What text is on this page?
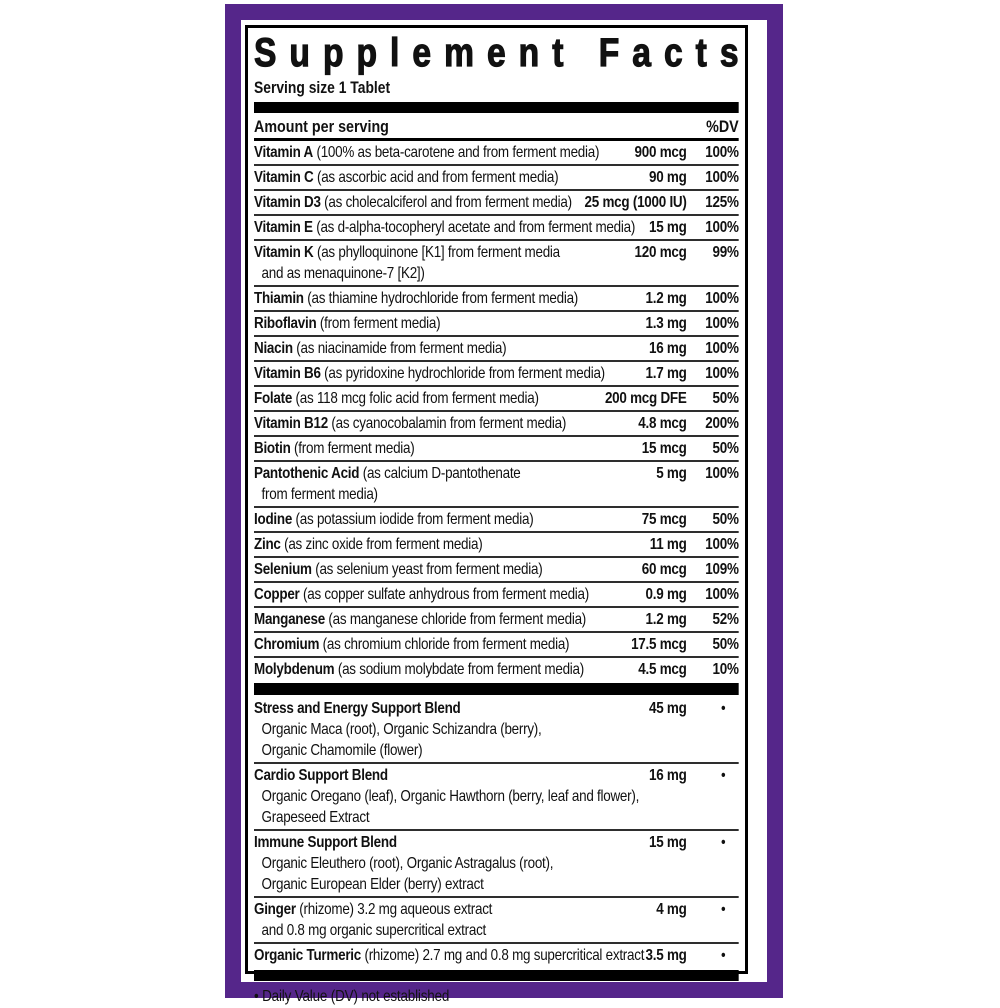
S u p p l e m e n t
F a c t s
Serving size 1 Tablet
Amount per serving	%DV
Vitamin A (100% as beta-carotene and from ferment media)	900 mcg	100%
Vitamin C (as ascorbic acid and from ferment media)	90 mg	100%
Vitamin D3 (as cholecalciferol and from ferment media) 25 mcg (1000 IU)	125%
Vitamin E (as d-alpha-tocopheryl acetate and from ferment media) 15 mg	100%
Vitamin K (as phylloquinone [K1] from ferment media
and as menaquinone-7 [K2])
120 mcg	99%
Thiamin (as thiamine hydrochloride from ferment media)	1.2 mg	100%
Riboflavin (from ferment media)	1.3 mg	100%
Niacin (as niacinamide from ferment media)	16 mg	100%
Vitamin B6 (as pyridoxine hydrochloride from ferment media)	1.7 mg	100%
Folate (as 118 mcg folic acid from ferment media)	200 mcg DFE	50%
Vitamin B12 (as cyanocobalamin from ferment media)	4.8 mcg	200%
Biotin (from ferment media)	15 mcg	50%
Pantothenic Acid (as calcium D-pantothenate
from ferment media)
5 mg	100%
Iodine (as potassium iodide from ferment media)	75 mcg	50%
Zinc (as zinc oxide from ferment media)	11 mg	100%
Selenium (as selenium yeast from ferment media)	60 mcg	109%
Copper (as copper sulfate anhydrous from ferment media)	0.9 mg	100%
Manganese (as manganese chloride from ferment media)	1.2 mg	52%
Chromium (as chromium chloride from ferment media)	17.5 mcg	50%
Molybdenum (as sodium molybdate from ferment media)	4.5 mcg	10%
Stress and Energy Support Blend
Organic Maca (root), Organic Schizandra (berry),
Organic Chamomile (flower)
45 mg	•
Cardio Support Blend
Organic Oregano (leaf), Organic Hawthorn (berry, leaf and flower),
Grapeseed Extract
16 mg	•
Immune Support Blend
Organic Eleuthero (root), Organic Astragalus (root),
Organic European Elder (berry) extract
15 mg	•
Ginger (rhizome) 3.2 mg aqueous extract
and 0.8 mg organic supercritical extract
4 mg	•
Organic Turmeric (rhizome) 2.7 mg and 0.8 mg supercritical extract 3.5 mg	•
• Daily Value (DV) not established
